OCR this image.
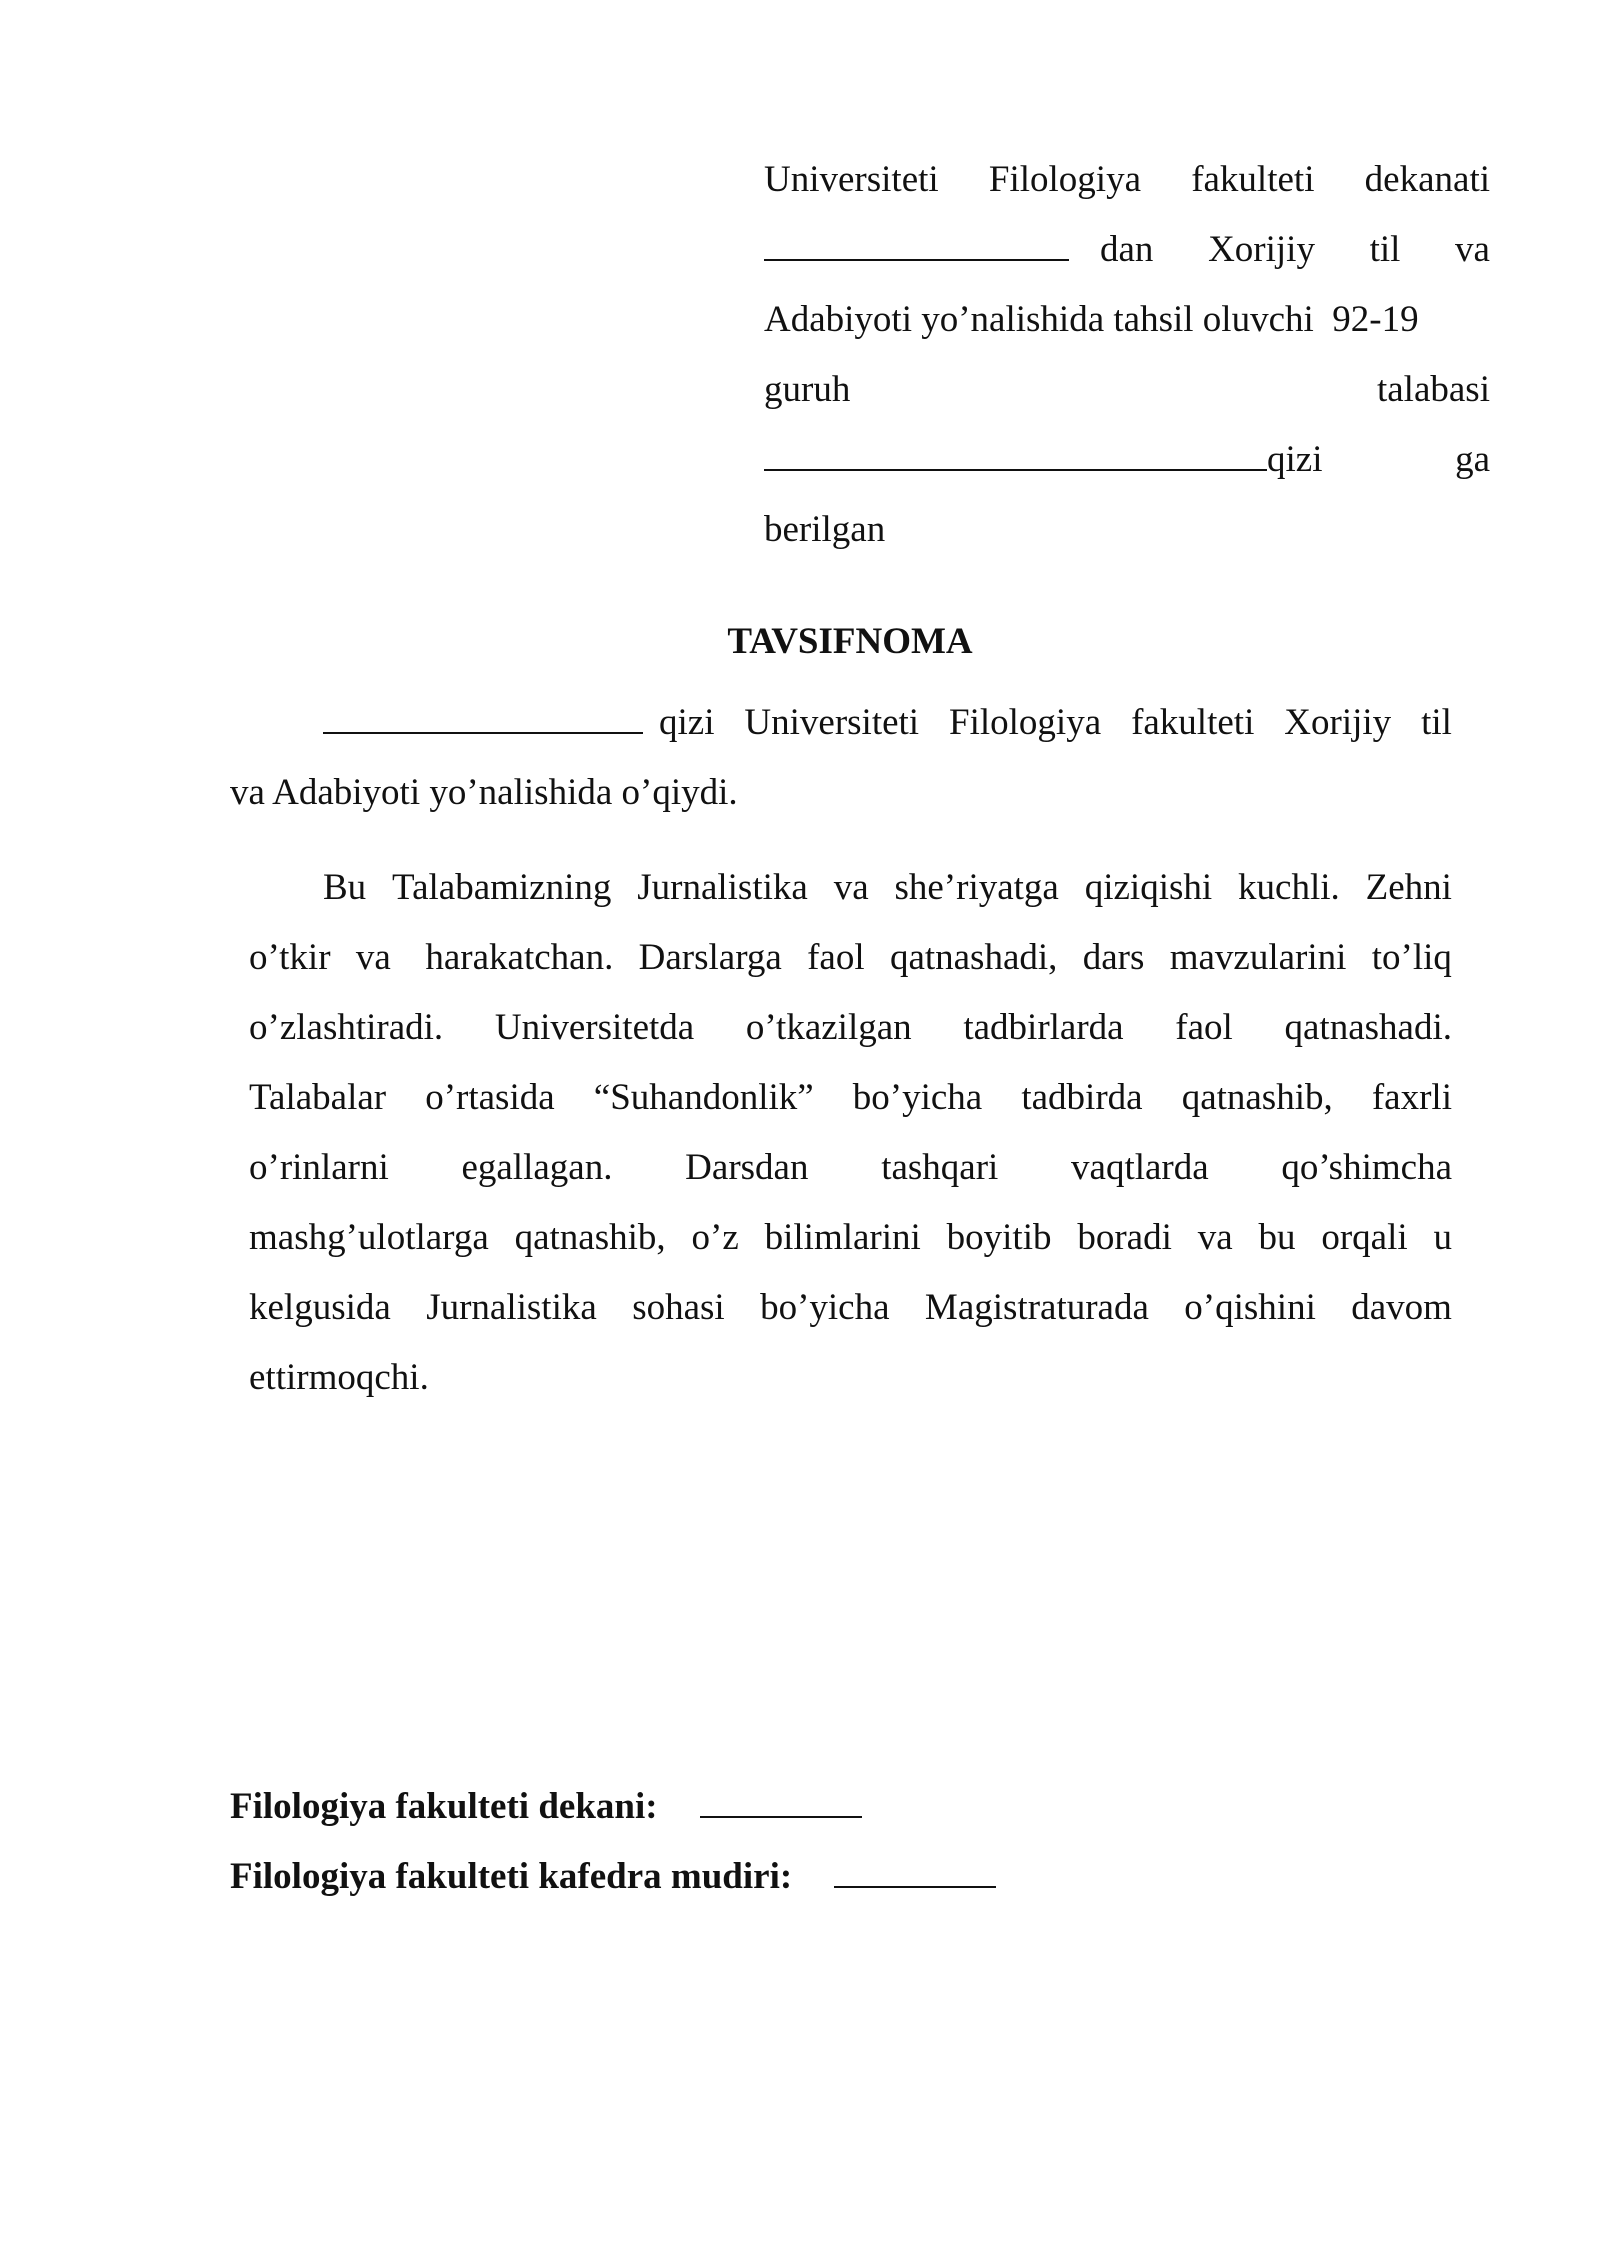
Universiteti Filologiya fakulteti dekanati
dan Xorijiy til va
Adabiyoti yo’nalishida tahsil oluvchi  92-19
guruh	talabasi
qizi	ga
berilgan
TAVSIFNOMA
qizi Universiteti Filologiya fakulteti Xorijiy til
va Adabiyoti yo’nalishida o’qiydi.
Bu Talabamizning Jurnalistika va she’riyatga qiziqishi kuchli. Zehni
o’tkir va harakatchan. Darslarga faol qatnashadi, dars mavzularini to’liq
o’zlashtiradi. Universitetda o’tkazilgan tadbirlarda faol qatnashadi.
Talabalar o’rtasida “Suhandonlik” bo’yicha tadbirda qatnashib, faxrli
o’rinlarni egallagan. Darsdan tashqari vaqtlarda qo’shimcha
mashg’ulotlarga qatnashib, o’z bilimlarini boyitib boradi va bu orqali u
kelgusida Jurnalistika sohasi bo’yicha Magistraturada o’qishini davom
ettirmoqchi.
Filologiya fakulteti dekani:
Filologiya fakulteti kafedra mudiri:
